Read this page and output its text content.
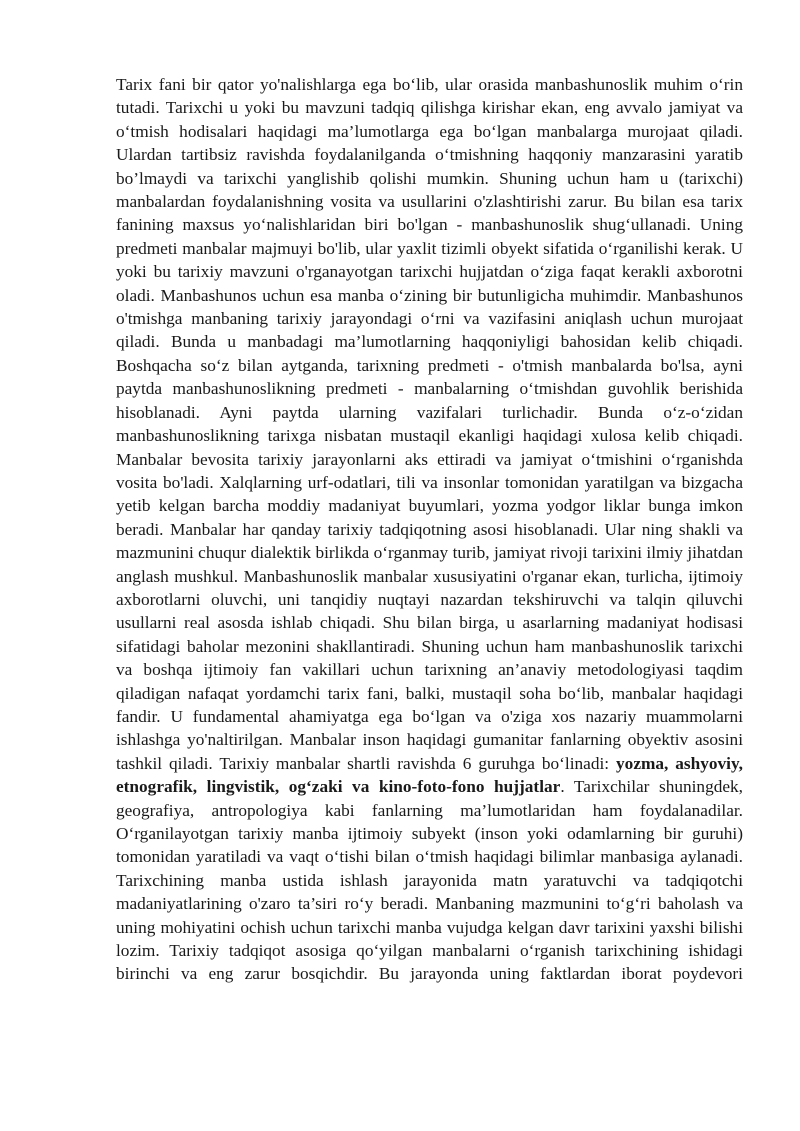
Tarix fani bir qator yo'nalishlarga ega bo‘lib, ular orasida manbashunoslik muhim o‘rin tutadi. Tarixchi u yoki bu mavzuni tadqiq qilishga kirishar ekan, eng avvalo jamiyat va o‘tmish hodisalari haqidagi ma’lumotlarga ega bo‘lgan manbalarga murojaat qiladi. Ulardan tartibsiz ravishda foydalanilganda o‘tmishning haqqoniy manzarasini yaratib bo’lmaydi va tarixchi yanglishib qolishi mumkin. Shuning uchun ham u (tarixchi) manbalardan foydalanishning vosita va usullarini o'zlashtirishi zarur. Bu bilan esa tarix fanining maxsus yo‘nalishlaridan biri bo'lgan - manbashunoslik shug‘ullanadi. Uning predmeti manbalar majmuyi bo'lib, ular yaxlit tizimli obyekt sifatida o‘rganilishi kerak. U yoki bu tarixiy mavzuni o'rganayotgan tarixchi hujjatdan o‘ziga faqat kerakli axborotni oladi. Manbashunos uchun esa manba o‘zining bir butunligicha muhimdir. Manbashunos o'tmishga manbaning tarixiy jarayondagi o‘rni va vazifasini aniqlash uchun murojaat qiladi. Bunda u manbadagi ma’lumotlarning haqqoniyligi bahosidan kelib chiqadi. Boshqacha so‘z bilan aytganda, tarixning predmeti - o'tmish manbalarda bo'lsa, ayni paytda manbashunoslikning predmeti - manbalarning o‘tmishdan guvohlik berishida hisoblanadi. Ayni paytda ularning vazifalari turlichadir. Bunda o‘z-o‘zidan manbashunoslikning tarixga nisbatan mustaqil ekanligi haqidagi xulosa kelib chiqadi. Manbalar bevosita tarixiy jarayonlarni aks ettiradi va jamiyat o‘tmishini o‘rganishda vosita bo'ladi. Xalqlarning urf-odatlari, tili va insonlar tomonidan yaratilgan va bizgacha yetib kelgan barcha moddiy madaniyat buyumlari, yozma yodgor liklar bunga imkon beradi. Manbalar har qanday tarixiy tadqiqotning asosi hisoblanadi. Ular ning shakli va mazmunini chuqur dialektik birlikda o‘rganmay turib, jamiyat rivoji tarixini ilmiy jihatdan anglash mushkul. Manbashunoslik manbalar xususiyatini o'rganar ekan, turlicha, ijtimoiy axborotlarni oluvchi, uni tanqidiy nuqtayi nazardan tekshiruvchi va talqin qiluvchi usullarni real asosda ishlab chiqadi. Shu bilan birga, u asarlarning madaniyat hodisasi sifatidagi baholar mezonini shakllantiradi. Shuning uchun ham manbashunoslik tarixchi va boshqa ijtimoiy fan vakillari uchun tarixning an’anaviy metodologiyasi taqdim qiladigan nafaqat yordamchi tarix fani, balki, mustaqil soha bo‘lib, manbalar haqidagi fandir. U fundamental ahamiyatga ega bo‘lgan va o'ziga xos nazariy muammolarni ishlashga yo'naltirilgan. Manbalar inson haqidagi gumanitar fanlarning obyektiv asosini tashkil qiladi. Tarixiy manbalar shartli ravishda 6 guruhga bo‘linadi: yozma, ashyoviy, etnografik, lingvistik, og‘zaki va kino-foto-fono hujjatlar. Tarixchilar shuningdek, geografiya, antropologiya kabi fanlarning ma’lumotlaridan ham foydalanadilar. O‘rganilayotgan tarixiy manba ijtimoiy subyekt (inson yoki odamlarning bir guruhi) tomonidan yaratiladi va vaqt o‘tishi bilan o‘tmish haqidagi bilimlar manbasiga aylanadi. Tarixchining manba ustida ishlash jarayonida matn yaratuvchi va tadqiqotchi madaniyatlarining o'zaro ta’siri ro‘y beradi. Manbaning mazmunini to‘g‘ri baholash va uning mohiyatini ochish uchun tarixchi manba vujudga kelgan davr tarixini yaxshi bilishi lozim. Tarixiy tadqiqot asosiga qo‘yilgan manbalarni o‘rganish tarixchining ishidagi birinchi va eng zarur bosqichdir. Bu jarayonda uning faktlardan iborat poydevori
